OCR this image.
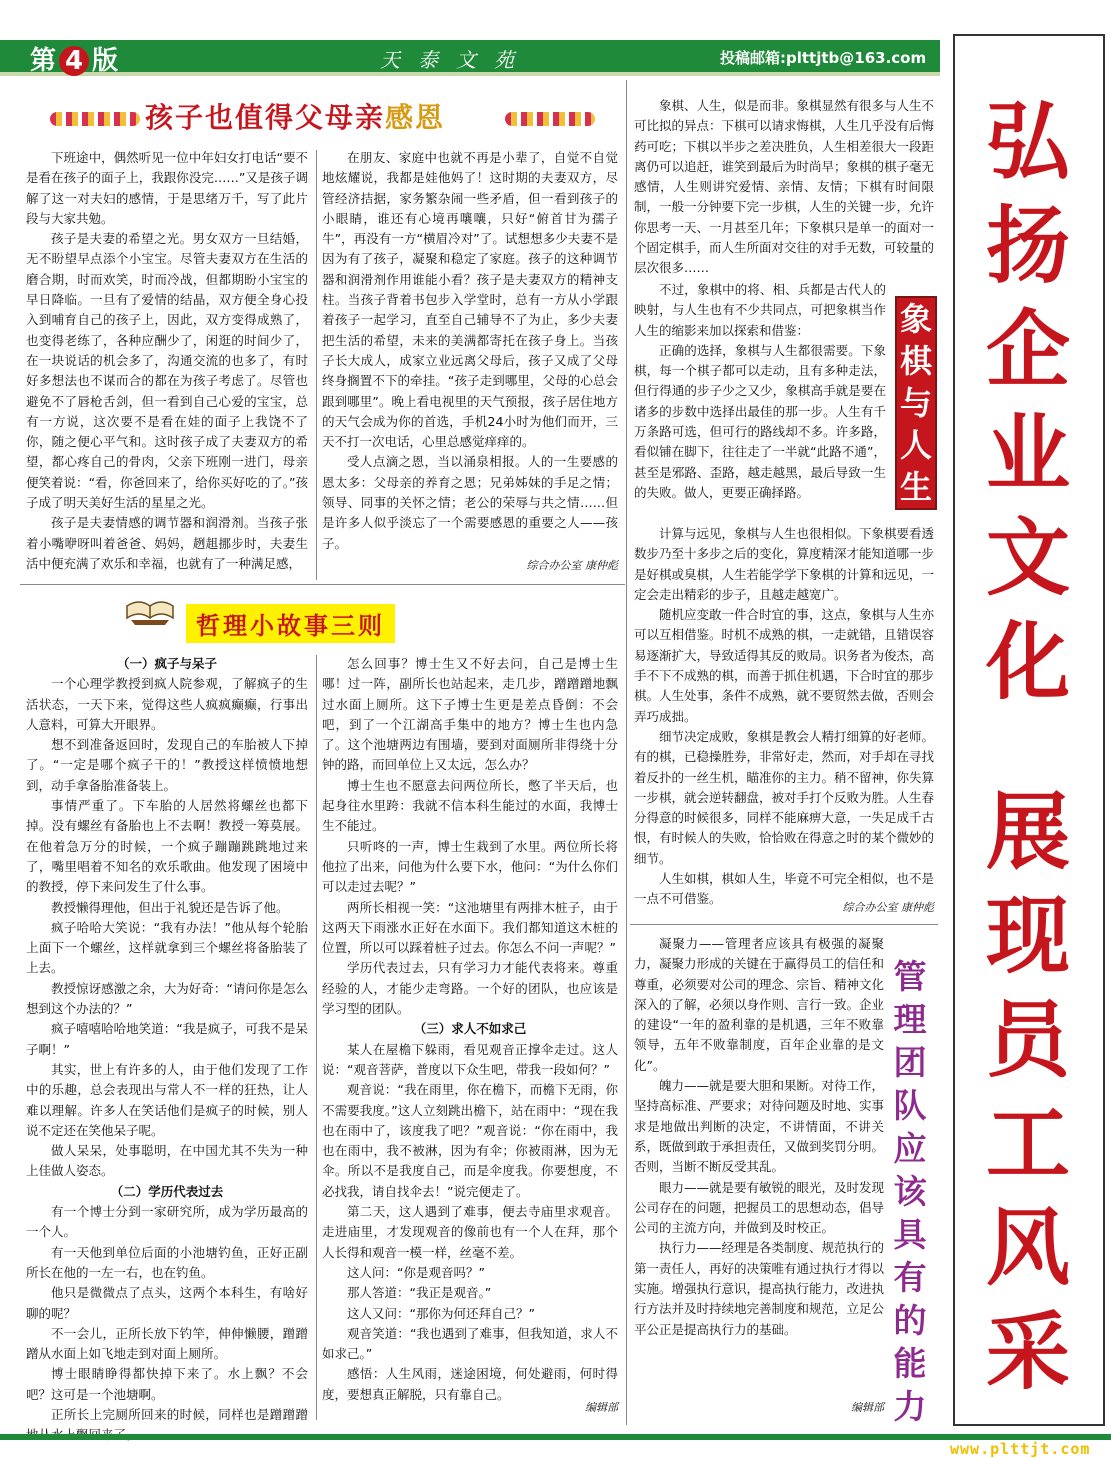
第 4 版	天泰文苑	投稿邮箱:plttjtb@163.com
孩子也值得父母亲感恩

下班途中，偶然听见一位中年妇女打电话“要不是看在孩子的面子上，我跟你没完……”又是孩子调解了这一对夫妇的感情，于是思绪万千，写了此片段与大家共勉。

孩子是夫妻的希望之光。男女双方一旦结婚，无不盼望早点添个小宝宝。尽管夫妻双方在生活的磨合期，时而欢笑，时而冷战，但都期盼小宝宝的早日降临。一旦有了爱情的结晶，双方便全身心投入到哺育自己的孩子上，因此，双方变得成熟了，也变得老练了，各种应酬少了，闲逛的时间少了，在一块说话的机会多了，沟通交流的也多了，有时好多想法也不谋而合的都在为孩子考虑了。尽管也避免不了唇枪舌剑，但一看到自己心爱的宝宝，总有一方说，这次要不是看在娃的面子上我饶不了你，随之便心平气和。这时孩子成了夫妻双方的希望，都心疼自己的骨肉，父亲下班刚一进门，母亲便笑着说：“看，你爸回来了，给你买好吃的了。”孩子成了明天美好生活的星星之光。

孩子是夫妻情感的调节器和润滑剂。当孩子张着小嘴咿呀叫着爸爸、妈妈，趔趄挪步时，夫妻生活中便充满了欢乐和幸福，也就有了一种满足感，

在朋友、家庭中也就不再是小辈了，自觉不自觉地炫耀说，我都是娃他妈了！这时期的夫妻双方，尽管经济拮据，家务繁杂闹一些矛盾，但一看到孩子的小眼睛，谁还有心境再嚷嚷，只好“俯首甘为孺子牛”，再没有一方“横眉冷对”了。试想想多少夫妻不是因为有了孩子，凝聚和稳定了家庭。孩子的这种调节器和润滑剂作用谁能小看？孩子是夫妻双方的精神支柱。当孩子背着书包步入学堂时，总有一方从小学跟着孩子一起学习，直至自己辅导不了为止，多少夫妻把生活的希望，未来的美满都寄托在孩子身上。当孩子长大成人，成家立业远离父母后，孩子又成了父母终身搁置不下的牵挂。“孩子走到哪里，父母的心总会跟到哪里”。晚上看电视里的天气预报，孩子居住地方的天气会成为你的首选，手机24小时为他们而开，三天不打一次电话，心里总感觉痒痒的。

受人点滴之恩，当以涌泉相报。人的一生要感的恩太多：父母亲的养育之恩；兄弟姊妹的手足之情；领导、同事的关怀之情；老公的荣辱与共之情……但是许多人似乎淡忘了一个需要感恩的重要之人——孩子。

综合办公室 康仲彪

哲理小故事三则

（一）疯子与呆子

一个心理学教授到疯人院参观，了解疯子的生活状态，一天下来，觉得这些人疯疯癫癫，行事出人意料，可算大开眼界。

想不到准备返回时，发现自己的车胎被人下掉了。“一定是哪个疯子干的！”教授这样愤愤地想到，动手拿备胎准备装上。

事情严重了。下车胎的人居然将螺丝也都下掉。没有螺丝有备胎也上不去啊！教授一筹莫展。在他着急万分的时候，一个疯子蹦蹦跳跳地过来了，嘴里唱着不知名的欢乐歌曲。他发现了困境中的教授，停下来问发生了什么事。

教授懒得理他，但出于礼貌还是告诉了他。

疯子哈哈大笑说：“我有办法！”他从每个轮胎上面下一个螺丝，这样就拿到三个螺丝将备胎装了上去。

教授惊讶感激之余，大为好奇：“请问你是怎么想到这个办法的？”

疯子嘻嘻哈哈地笑道：“我是疯子，可我不是呆子啊！”

其实，世上有许多的人，由于他们发现了工作中的乐趣，总会表现出与常人不一样的狂热，让人难以理解。许多人在笑话他们是疯子的时候，别人说不定还在笑他呆子呢。

做人呆呆，处事聪明，在中国尤其不失为一种上佳做人姿态。

（二）学历代表过去

有一个博士分到一家研究所，成为学历最高的一个人。

有一天他到单位后面的小池塘钓鱼，正好正副所长在他的一左一右，也在钓鱼。

他只是微微点了点头，这两个本科生，有啥好聊的呢？

不一会儿，正所长放下钓竿，伸伸懒腰，蹭蹭蹭从水面上如飞地走到对面上厕所。

博士眼睛睁得都快掉下来了。水上飘？不会吧？这可是一个池塘啊。

正所长上完厕所回来的时候，同样也是蹭蹭蹭

怎么回事？博士生又不好去问，自己是博士生哪！过一阵，副所长也站起来，走几步，蹭蹭蹭地飘过水面上厕所。这下子博士生更是差点昏倒：不会吧，到了一个江湖高手集中的地方？博士生也内急了。这个池塘两边有围墙，要到对面厕所非得绕十分钟的路，而回单位上又太远，怎么办？

博士生也不愿意去问两位所长，憋了半天后，也起身往水里跨：我就不信本科生能过的水面，我博士生不能过。

只听咚的一声，博士生栽到了水里。两位所长将他拉了出来，问他为什么要下水，他问：“为什么你们可以走过去呢？”

两所长相视一笑：“这池塘里有两排木桩子，由于这两天下雨涨水正好在水面下。我们都知道这木桩的位置，所以可以踩着桩子过去。你怎么不问一声呢？”

学历代表过去，只有学习力才能代表将来。尊重经验的人，才能少走弯路。一个好的团队，也应该是学习型的团队。

（三）求人不如求己

某人在屋檐下躲雨，看见观音正撑伞走过。这人说：“观音菩萨，普度以下众生吧，带我一段如何？”

观音说：“我在雨里，你在檐下，而檐下无雨，你不需要我度。”这人立刻跳出檐下，站在雨中：“现在我也在雨中了，该度我了吧？”观音说：“你在雨中，我也在雨中，我不被淋，因为有伞；你被雨淋，因为无伞。所以不是我度自己，而是伞度我。你要想度，不必找我，请自找伞去！”说完便走了。

第二天，这人遇到了难事，便去寺庙里求观音。走进庙里，才发现观音的像前也有一个人在拜，那个人长得和观音一模一样，丝毫不差。

这人问：“你是观音吗？”

那人答道：“我正是观音。”

这人又问：“那你为何还拜自己？”

观音笑道：“我也遇到了难事，但我知道，求人不如求己。”

感悟：人生风雨，迷途困境，何处避雨，何时得度，要想真正解脱，只有靠自己。

编辑部

象棋、人生，似是而非。象棋显然有很多与人生不可比拟的异点：下棋可以请求悔棋，人生几乎没有后悔药可吃；下棋以半步之差决胜负，人生相差很大一段距离仍可以追赶，谁笑到最后为时尚早；象棋的棋子毫无感情，人生则讲究爱情、亲情、友情；下棋有时间限制，一般一分钟要下完一步棋，人生的关键一步，允许你思考一天、一月甚至几年；下象棋只是单一的面对一个固定棋手，而人生所面对交往的对手无数，可较量的层次很多……

不过，象棋中的将、相、兵都是古代人的映射，与人生也有不少共同点，可把象棋当作人生的缩影来加以探索和借鉴：

正确的选择，象棋与人生都很需要。下象棋，每一个棋子都可以走动，且有多种走法，但行得通的步子少之又少，象棋高手就是要在诸多的步数中选择出最佳的那一步。人生有千万条路可选，但可行的路线却不多。许多路，看似铺在脚下，往往走了一半就“此路不通”，甚至是邪路、歪路，越走越黑，最后导致一生的失败。做人，更要正确择路。

计算与远见，象棋与人生也很相似。下象棋要看透数步乃至十多步之后的变化，算度精深才能知道哪一步是好棋或臭棋，人生若能学学下象棋的计算和远见，一定会走出精彩的步子，且越走越宽广。

随机应变敢一件合时宜的事，这点，象棋与人生亦可以互相借鉴。时机不成熟的棋，一走就错，且错误容易逐渐扩大，导致适得其反的败局。识务者为俊杰，高手不下不成熟的棋，而善于抓住机遇，下合时宜的那步棋。人生处事，条件不成熟，就不要贸然去做，否则会弄巧成拙。

细节决定成败，象棋是教会人精打细算的好老师。有的棋，已稳操胜券，非常好走，然而，对手却在寻找着反扑的一丝生机，瞄准你的主力。稍不留神，你失算一步棋，就会逆转翻盘，被对手打个反败为胜。人生春分得意的时候很多，同样不能麻痹大意，一失足成千古恨，有时候人的失败，恰恰败在得意之时的某个微妙的细节。

人生如棋，棋如人生，毕竟不可完全相似，也不是一点不可借鉴。

象棋与人生

综合办公室 康仲彪

凝聚力——管理者应该具有极强的凝聚力，凝聚力形成的关键在于赢得员工的信任和尊重，必须要对公司的理念、宗旨、精神文化深入的了解，必须以身作则、言行一致。企业的建设“一年的盈利靠的是机遇，三年不败靠领导，五年不败靠制度，百年企业靠的是文化”。

魄力——就是要大胆和果断。对待工作，坚持高标准、严要求；对待问题及时地、实事求是地做出判断的决定，不讲情面，不讲关系，既做到敢于承担责任，又做到奖罚分明。否则，当断不断反受其乱。

眼力——就是要有敏锐的眼光，及时发现公司存在的问题，把握员工的思想动态，倡导公司的主流方向，并做到及时校正。

执行力——经理是各类制度、规范执行的第一责任人，再好的决策唯有通过执行才得以实施。增强执行意识，提高执行能力，改进执行方法并及时持续地完善制度和规范，立足公平公正是提高执行力的基础。

管理团队应该具有的能力

编辑部

弘扬企业文化
展现员工风采
www.plttjt.com
